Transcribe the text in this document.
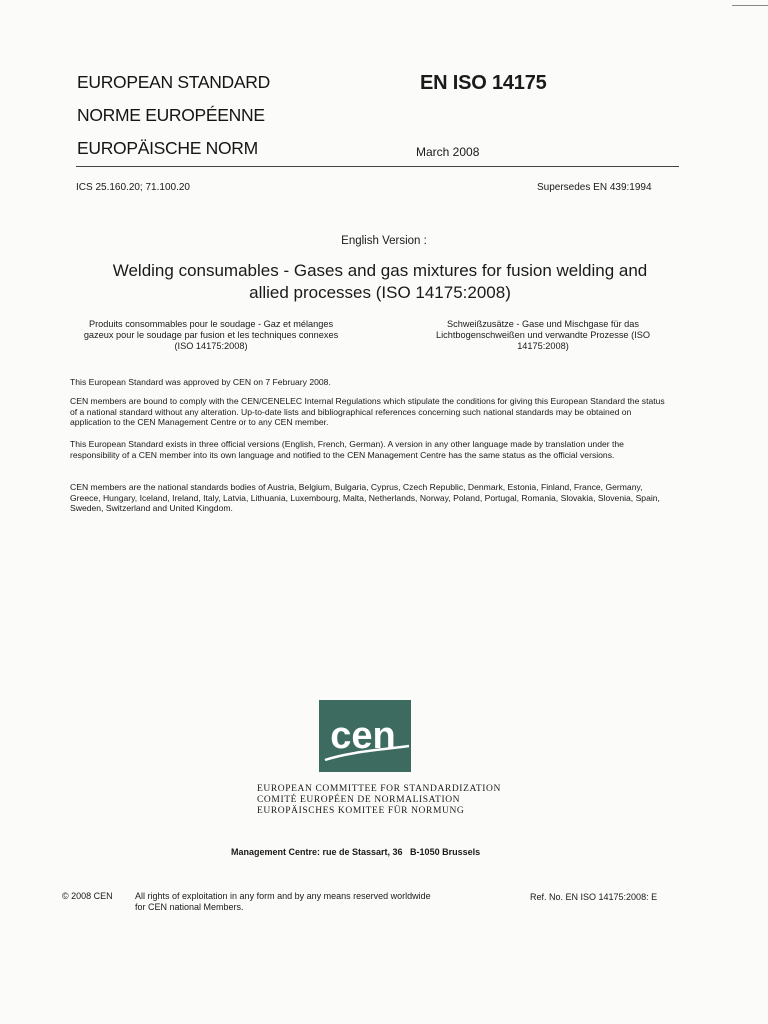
EUROPEAN STANDARD
NORME EUROPÉENNE
EUROPÄISCHE NORM
EN ISO 14175
March 2008
ICS 25.160.20; 71.100.20	Supersedes EN 439:1994
English Version :
Welding consumables - Gases and gas mixtures for fusion welding and allied processes (ISO 14175:2008)
Produits consommables pour le soudage - Gaz et mélanges gazeux pour le soudage par fusion et les techniques connexes (ISO 14175:2008)
Schweißzusätze - Gase und Mischgase für das Lichtbogenschweißen und verwandte Prozesse (ISO 14175:2008)
This European Standard was approved by CEN on 7 February 2008.
CEN members are bound to comply with the CEN/CENELEC Internal Regulations which stipulate the conditions for giving this European Standard the status of a national standard without any alteration. Up-to-date lists and bibliographical references concerning such national standards may be obtained on application to the CEN Management Centre or to any CEN member.
This European Standard exists in three official versions (English, French, German). A version in any other language made by translation under the responsibility of a CEN member into its own language and notified to the CEN Management Centre has the same status as the official versions.
CEN members are the national standards bodies of Austria, Belgium, Bulgaria, Cyprus, Czech Republic, Denmark, Estonia, Finland, France, Germany, Greece, Hungary, Iceland, Ireland, Italy, Latvia, Lithuania, Luxembourg, Malta, Netherlands, Norway, Poland, Portugal, Romania, Slovakia, Slovenia, Spain, Sweden, Switzerland and United Kingdom.
cen
EUROPEAN COMMITTEE FOR STANDARDIZATION
COMITÉ EUROPÉEN DE NORMALISATION
EUROPÄISCHES KOMITEE FÜR NORMUNG
Management Centre: rue de Stassart, 36   B-1050 Brussels
© 2008 CEN All rights of exploitation in any form and by any means reserved worldwide for CEN national Members.
Ref. No. EN ISO 14175:2008: E
